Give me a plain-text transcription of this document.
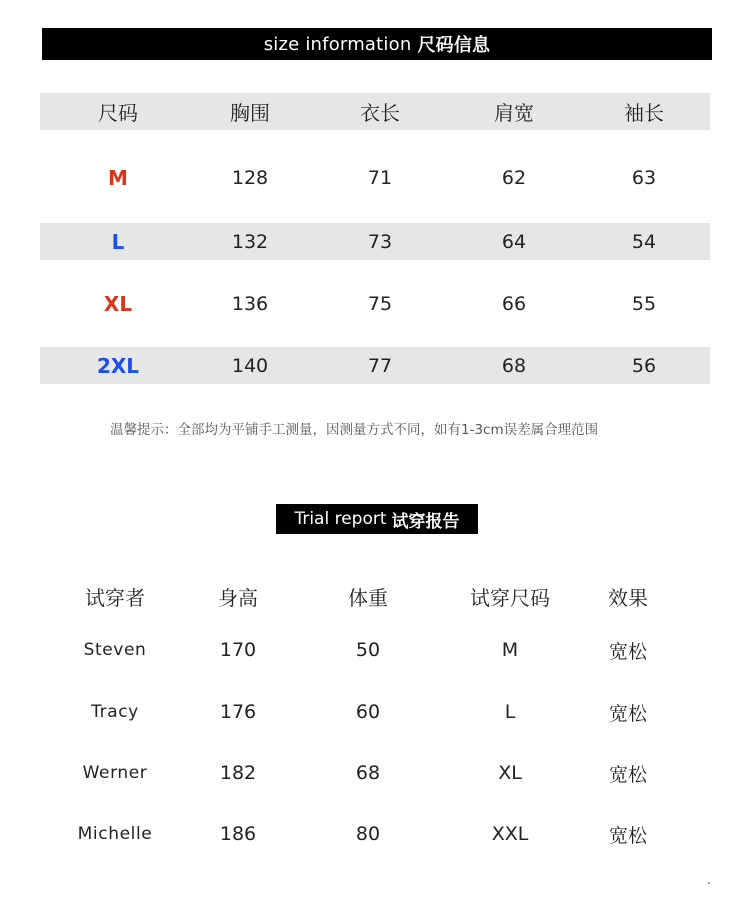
size information 尺码信息
尺码	胸围	衣长	肩宽	袖长
M	128	71	62	63
L	132	73	64	54
XL	136	75	66	55
2XL	140	77	68	56
温馨提示：全部均为平铺手工测量，因测量方式不同，如有1-3cm误差属合理范围
Trial report 试穿报告
试穿者	身高	体重	试穿尺码	效果
Steven	170	50	M	宽松
Tracy	176	60	L	宽松
Werner	182	68	XL	宽松
Michelle	186	80	XXL	宽松
